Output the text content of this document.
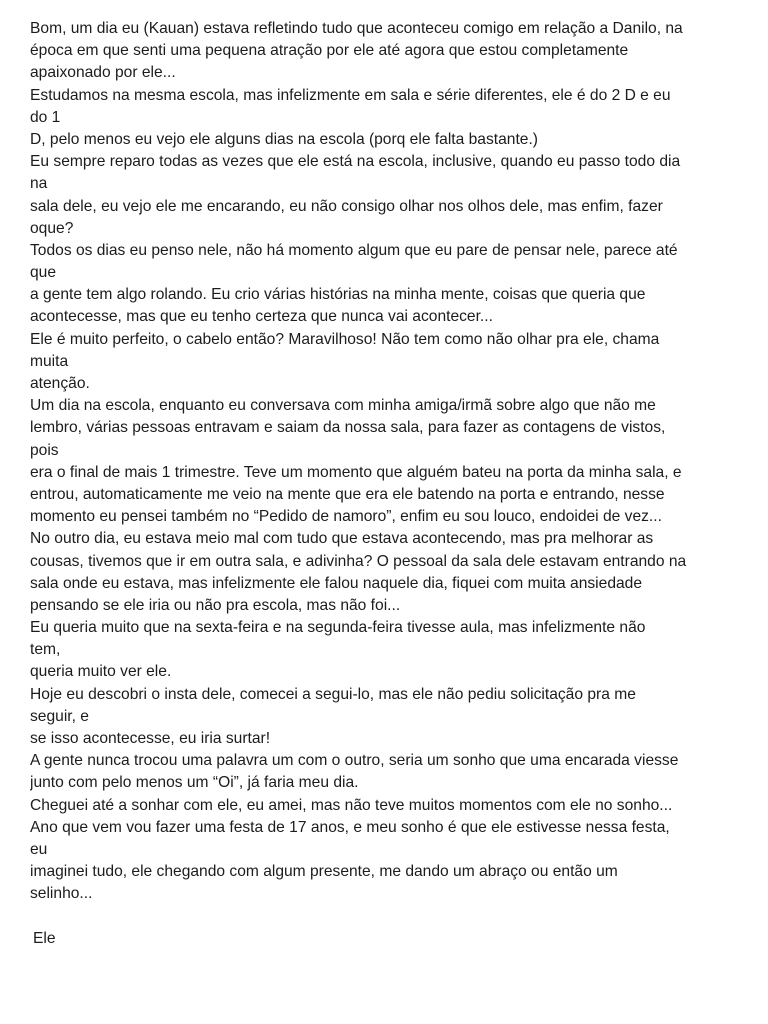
Bom, um dia eu (Kauan) estava refletindo tudo que aconteceu comigo em relação a Danilo, na
época em que senti uma pequena atração por ele até agora que estou completamente
apaixonado por ele...
Estudamos na mesma escola, mas infelizmente em sala e série diferentes, ele é do 2 D e eu
do 1
D, pelo menos eu vejo ele alguns dias na escola (porq ele falta bastante.)
Eu sempre reparo todas as vezes que ele está na escola, inclusive, quando eu passo todo dia
na
sala dele, eu vejo ele me encarando, eu não consigo olhar nos olhos dele, mas enfim, fazer
oque?
Todos os dias eu penso nele, não há momento algum que eu pare de pensar nele, parece até
que
a gente tem algo rolando. Eu crio várias histórias na minha mente, coisas que queria que
acontecesse, mas que eu tenho certeza que nunca vai acontecer...
Ele é muito perfeito, o cabelo então? Maravilhoso! Não tem como não olhar pra ele, chama
muita
atenção.
Um dia na escola, enquanto eu conversava com minha amiga/irmã sobre algo que não me
lembro, várias pessoas entravam e saiam da nossa sala, para fazer as contagens de vistos,
pois
era o final de mais 1 trimestre. Teve um momento que alguém bateu na porta da minha sala, e
entrou, automaticamente me veio na mente que era ele batendo na porta e entrando, nesse
momento eu pensei também no “Pedido de namoro”, enfim eu sou louco, endoidei de vez...
No outro dia, eu estava meio mal com tudo que estava acontecendo, mas pra melhorar as
cousas, tivemos que ir em outra sala, e adivinha? O pessoal da sala dele estavam entrando na
sala onde eu estava, mas infelizmente ele falou naquele dia, fiquei com muita ansiedade
pensando se ele iria ou não pra escola, mas não foi...
Eu queria muito que na sexta-feira e na segunda-feira tivesse aula, mas infelizmente não
tem,
queria muito ver ele.
Hoje eu descobri o insta dele, comecei a segui-lo, mas ele não pediu solicitação pra me
seguir, e
se isso acontecesse, eu iria surtar!
A gente nunca trocou uma palavra um com o outro, seria um sonho que uma encarada viesse
junto com pelo menos um “Oi”, já faria meu dia.
Cheguei até a sonhar com ele, eu amei, mas não teve muitos momentos com ele no sonho...
Ano que vem vou fazer uma festa de 17 anos, e meu sonho é que ele estivesse nessa festa,
eu
imaginei tudo, ele chegando com algum presente, me dando um abraço ou então um
selinho...
Ele
